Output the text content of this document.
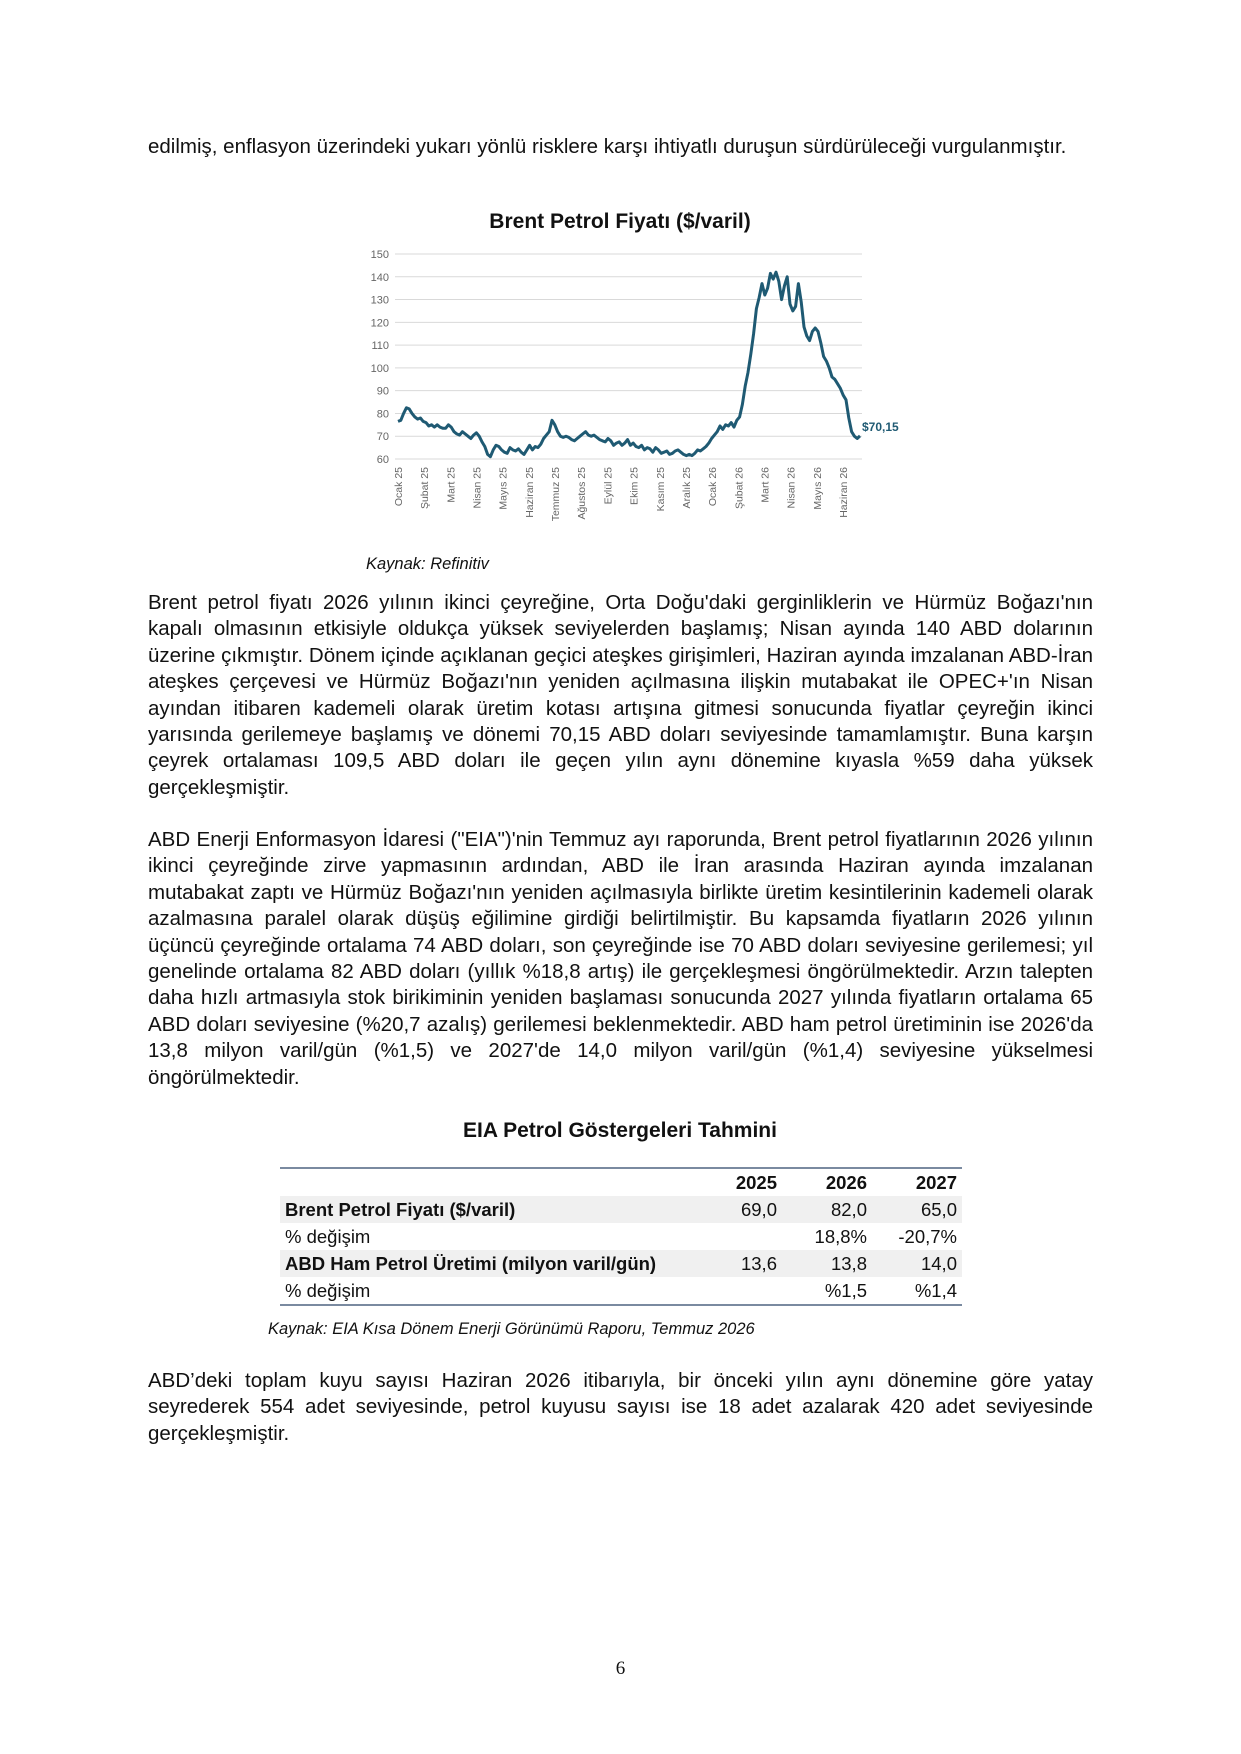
edilmiş, enflasyon üzerindeki yukarı yönlü risklere karşı ihtiyatlı duruşun sürdürüleceği vurgulanmıştır.

Brent Petrol Fiyatı ($/varil)
60
70
80
90
100
110
120
130
140
150
Ocak 25 Şubat 25 Mart 25 Nisan 25 Mayıs 25 Haziran 25 Temmuz 25 Ağustos 25 Eylül 25 Ekim 25 Kasım 25 Aralık 25 Ocak 26 Şubat 26 Mart 26 Nisan 26 Mayıs 26 Haziran 26
$70,15
Kaynak: Refinitiv

Brent petrol fiyatı 2026 yılının ikinci çeyreğine, Orta Doğu'daki gerginliklerin ve Hürmüz Boğazı'nın kapalı olmasının etkisiyle oldukça yüksek seviyelerden başlamış; Nisan ayında 140 ABD dolarının üzerine çıkmıştır. Dönem içinde açıklanan geçici ateşkes girişimleri, Haziran ayında imzalanan ABD-İran ateşkes çerçevesi ve Hürmüz Boğazı'nın yeniden açılmasına ilişkin mutabakat ile OPEC+'ın Nisan ayından itibaren kademeli olarak üretim kotası artışına gitmesi sonucunda fiyatlar çeyreğin ikinci yarısında gerilemeye başlamış ve dönemi 70,15 ABD doları seviyesinde tamamlamıştır. Buna karşın çeyrek ortalaması 109,5 ABD doları ile geçen yılın aynı dönemine kıyasla %59 daha yüksek gerçekleşmiştir.

ABD Enerji Enformasyon İdaresi ("EIA")'nin Temmuz ayı raporunda, Brent petrol fiyatlarının 2026 yılının ikinci çeyreğinde zirve yapmasının ardından, ABD ile İran arasında Haziran ayında imzalanan mutabakat zaptı ve Hürmüz Boğazı'nın yeniden açılmasıyla birlikte üretim kesintilerinin kademeli olarak azalmasına paralel olarak düşüş eğilimine girdiği belirtilmiştir. Bu kapsamda fiyatların 2026 yılının üçüncü çeyreğinde ortalama 74 ABD doları, son çeyreğinde ise 70 ABD doları seviyesine gerilemesi; yıl genelinde ortalama 82 ABD doları (yıllık %18,8 artış) ile gerçekleşmesi öngörülmektedir. Arzın talepten daha hızlı artmasıyla stok birikiminin yeniden başlaması sonucunda 2027 yılında fiyatların ortalama 65 ABD doları seviyesine (%20,7 azalış) gerilemesi beklenmektedir. ABD ham petrol üretiminin ise 2026'da 13,8 milyon varil/gün (%1,5) ve 2027'de 14,0 milyon varil/gün (%1,4) seviyesine yükselmesi öngörülmektedir.

EIA Petrol Göstergeleri Tahmini
	2025	2026	2027
Brent Petrol Fiyatı ($/varil)	69,0	82,0	65,0
% değişim		18,8%	-20,7%
ABD Ham Petrol Üretimi (milyon varil/gün)	13,6	13,8	14,0
% değişim		%1,5	%1,4
Kaynak: EIA Kısa Dönem Enerji Görünümü Raporu, Temmuz 2026

ABD’deki toplam kuyu sayısı Haziran 2026 itibarıyla, bir önceki yılın aynı dönemine göre yatay seyrederek 554 adet seviyesinde, petrol kuyusu sayısı ise 18 adet azalarak 420 adet seviyesinde gerçekleşmiştir.

6
